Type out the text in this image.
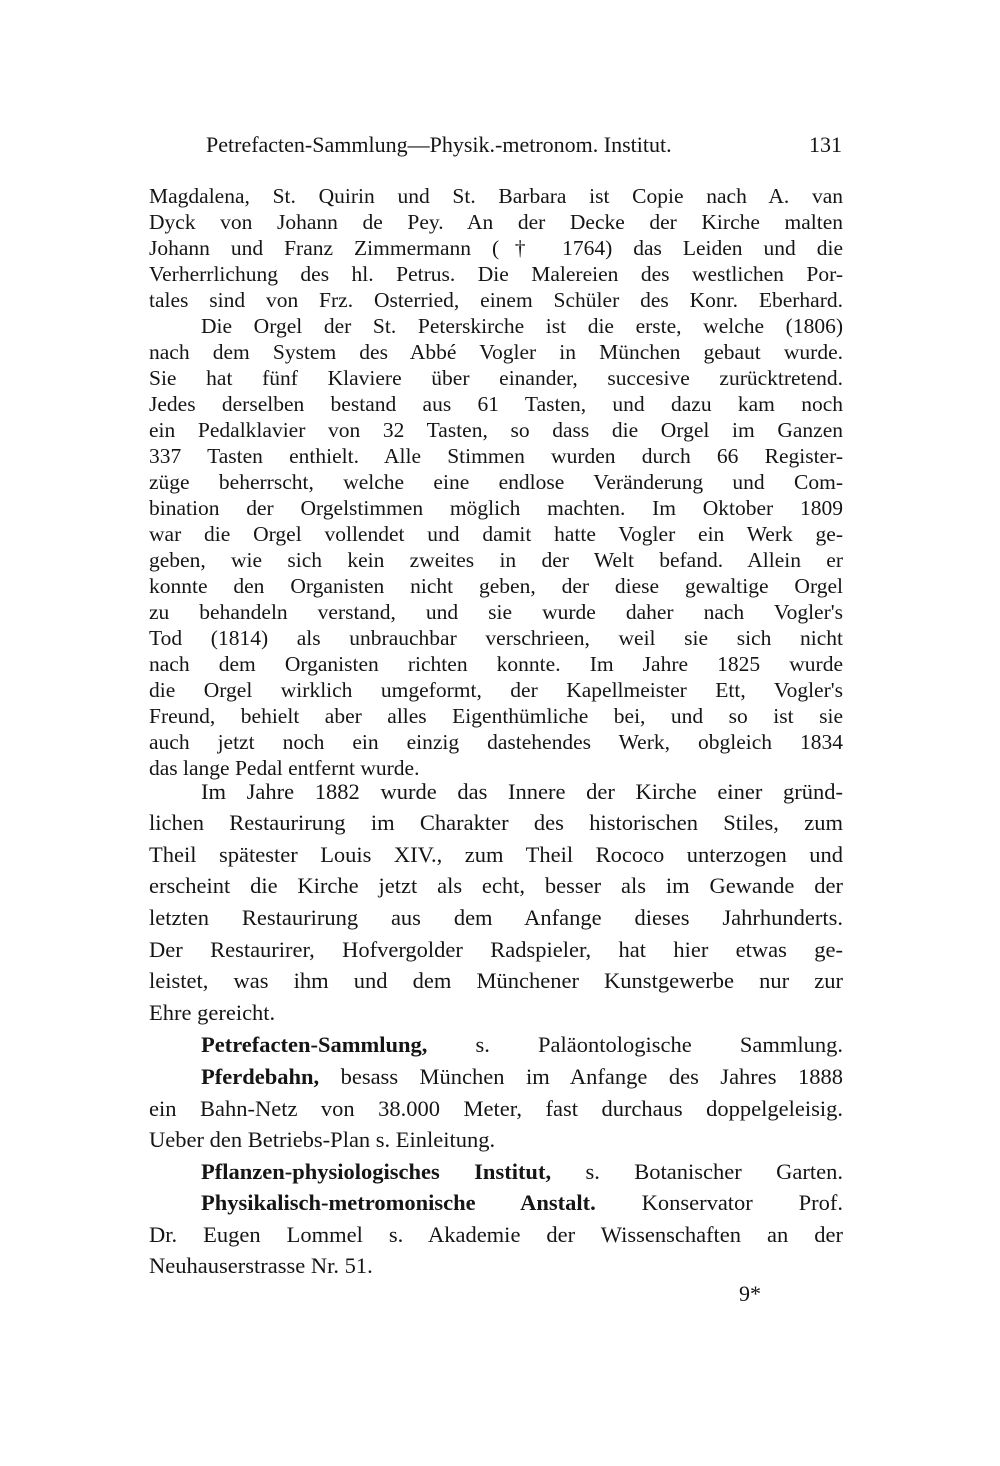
Petrefacten-Sammlung—Physik.-metronom. Institut.	131
Magdalena, St. Quirin und St. Barbara ist Copie nach A. van
Dyck von Johann de Pey. An der Decke der Kirche malten
Johann und Franz Zimmermann († 1764) das Leiden und die
Verherrlichung des hl. Petrus. Die Malereien des westlichen Por-
tales sind von Frz. Osterried, einem Schüler des Konr. Eberhard.
Die Orgel der St. Peterskirche ist die erste, welche (1806)
nach dem System des Abbé Vogler in München gebaut wurde.
Sie hat fünf Klaviere über einander, succesive zurücktretend.
Jedes derselben bestand aus 61 Tasten, und dazu kam noch
ein Pedalklavier von 32 Tasten, so dass die Orgel im Ganzen
337 Tasten enthielt. Alle Stimmen wurden durch 66 Register-
züge beherrscht, welche eine endlose Veränderung und Com-
bination der Orgelstimmen möglich machten. Im Oktober 1809
war die Orgel vollendet und damit hatte Vogler ein Werk ge-
geben, wie sich kein zweites in der Welt befand. Allein er
konnte den Organisten nicht geben, der diese gewaltige Orgel
zu behandeln verstand, und sie wurde daher nach Vogler's
Tod (1814) als unbrauchbar verschrieen, weil sie sich nicht
nach dem Organisten richten konnte. Im Jahre 1825 wurde
die Orgel wirklich umgeformt, der Kapellmeister Ett, Vogler's
Freund, behielt aber alles Eigenthümliche bei, und so ist sie
auch jetzt noch ein einzig dastehendes Werk, obgleich 1834
das lange Pedal entfernt wurde.
Im Jahre 1882 wurde das Innere der Kirche einer gründ-
lichen Restaurirung im Charakter des historischen Stiles, zum
Theil spätester Louis XIV., zum Theil Rococo unterzogen und
erscheint die Kirche jetzt als echt, besser als im Gewande der
letzten Restaurirung aus dem Anfange dieses Jahrhunderts.
Der Restaurirer, Hofvergolder Radspieler, hat hier etwas ge-
leistet, was ihm und dem Münchener Kunstgewerbe nur zur
Ehre gereicht.
Petrefacten-Sammlung, s. Paläontologische Sammlung.
Pferdebahn, besass München im Anfange des Jahres 1888
ein Bahn-Netz von 38.000 Meter, fast durchaus doppelgeleisig.
Ueber den Betriebs-Plan s. Einleitung.
Pflanzen-physiologisches Institut, s. Botanischer Garten.
Physikalisch-metromonische Anstalt. Konservator Prof.
Dr. Eugen Lommel s. Akademie der Wissenschaften an der
Neuhauserstrasse Nr. 51.
9*
